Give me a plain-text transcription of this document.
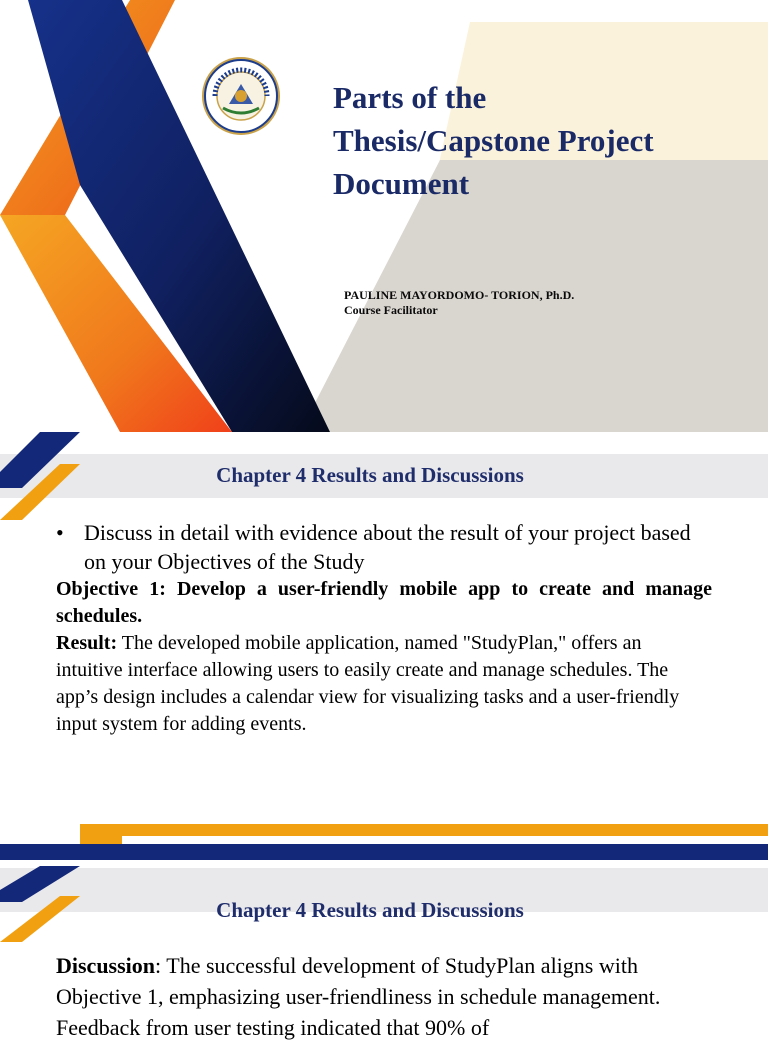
Parts of the
Thesis/Capstone Project
Document
PAULINE MAYORDOMO- TORION, Ph.D.
Course Facilitator
Chapter 4 Results and Discussions
• Discuss in detail with evidence about the result of your project based on your Objectives of the Study
Objective 1: Develop a user-friendly mobile app to create and manage schedules.
Result: The developed mobile application, named "StudyPlan," offers an intuitive interface allowing users to easily create and manage schedules. The app’s design includes a calendar view for visualizing tasks and a user-friendly input system for adding events.
Chapter 4 Results and Discussions
Discussion: The successful development of StudyPlan aligns with Objective 1, emphasizing user-friendliness in schedule management. Feedback from user testing indicated that 90% of
